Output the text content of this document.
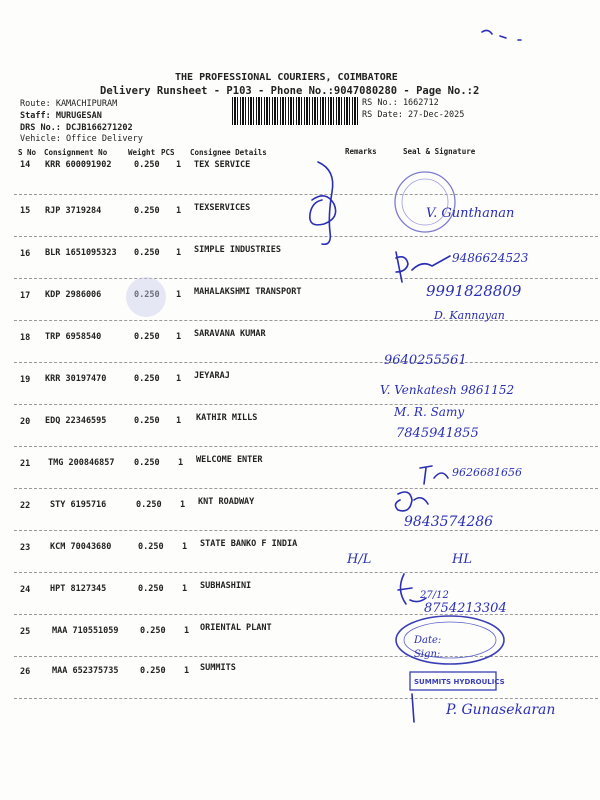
THE PROFESSIONAL COURIERS, COIMBATORE
Delivery Runsheet - P103 - Phone No.:9047080280 - Page No.:2
Route: KAMACHIPURAM
Staff: MURUGESAN
DRS No.: DCJB166271202
Vehicle: Office Delivery
RS No.: 1662712
RS Date: 27-Dec-2025
S No Consignment No	Weight PCS Consignee Details	Remarks	Seal & Signature
14 KRR 600091902	0.250 1 TEX SERVICE
15 RJP 3719284	0.250 1 TEXSERVICES
16 BLR 1651095323 0.250 1 SIMPLE INDUSTRIES
17 KDP 2986006	0.250 1 MAHALAKSHMI TRANSPORT
18 TRP 6958540	0.250 1 SARAVANA KUMAR
19 KRR 30197470	0.250 1 JEYARAJ
20 EDQ 22346595	0.250 1 KATHIR MILLS
21 TMG 200846857 0.250 1 WELCOME ENTER
22 STY 6195716	0.250 1 KNT ROADWAY
23 KCM 70043680	0.250 1 STATE BANKO F INDIA
24 HPT 8127345	0.250 1 SUBHASHINI
25	MAA 710551059	0.250 1 ORIENTAL PLANT
26	MAA 652375735	0.250 1 SUMMITS
V. Gunthanan
9486624523
9991828809
D. Kannayan
9640255561
V. Venkatesh 9861152
M. R. Samy
7845941855
9626681656
9843574286
H/L	HL
27/12
8754213304
Date:
Sign:
SUMMITS HYDROULICS
P. Gunasekaran
